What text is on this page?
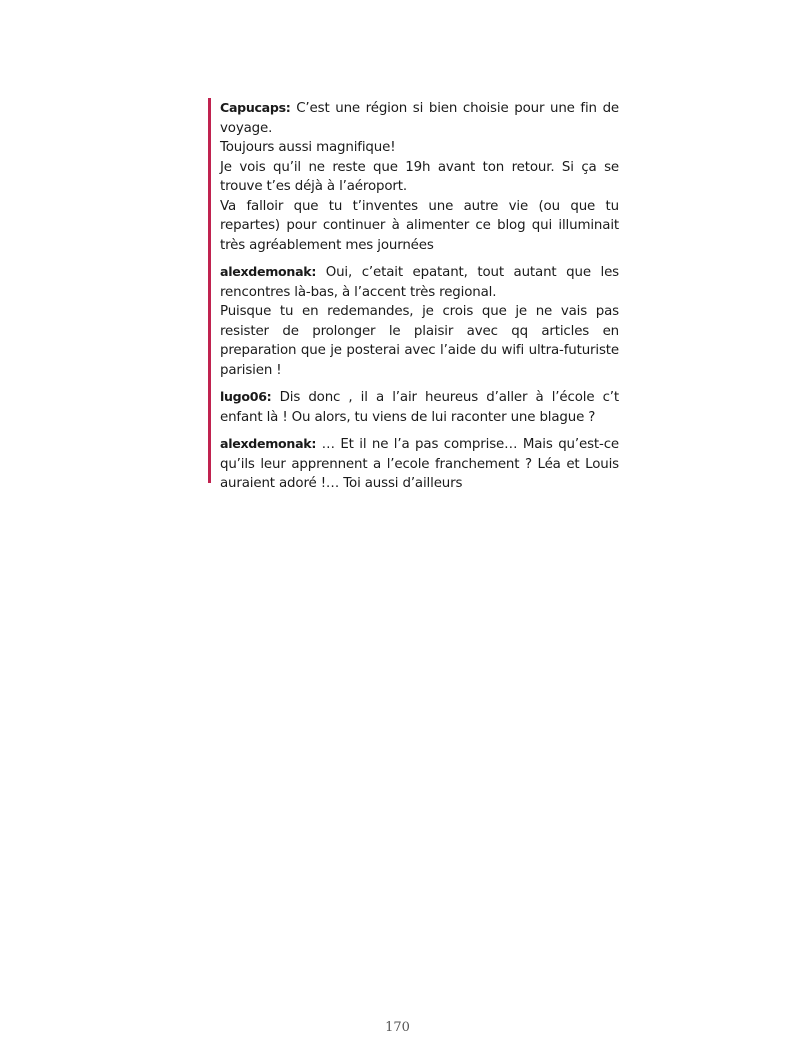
Capucaps: C’est une région si bien choisie pour une fin de voyage.

Toujours aussi magnifique!

Je vois qu’il ne reste que 19h avant ton retour. Si ça se trouve t’es déjà à l’aéroport.

Va falloir que tu t’inventes une autre vie (ou que tu repartes) pour continuer à alimenter ce blog qui illuminait très agréablement mes journées

alexdemonak: Oui, c’etait epatant, tout autant que les rencontres là-bas, à l’accent très regional.

Puisque tu en redemandes, je crois que je ne vais pas resister de prolonger le plaisir avec qq articles en preparation que je posterai avec l’aide du wifi ultra-futuriste parisien !

lugo06: Dis donc , il a l’air heureus d’aller à l’école c’t enfant là ! Ou alors, tu viens de lui raconter une blague ?

alexdemonak: … Et il ne l’a pas comprise… Mais qu’est-ce qu’ils leur apprennent a l’ecole franchement ? Léa et Louis auraient adoré !… Toi aussi d’ailleurs

170
